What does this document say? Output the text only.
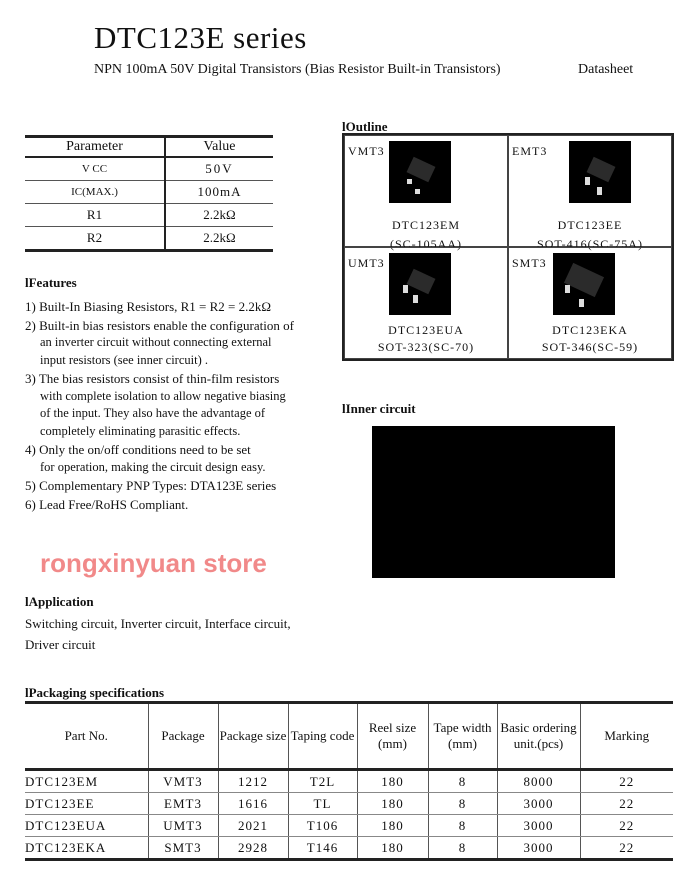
DTC123E series
NPN 100mA 50V Digital Transistors (Bias Resistor Built-in Transistors)	Datasheet
Parameter	Value
V CC	50V
IC(MAX.)	100mA
R1	2.2kΩ
R2	2.2kΩ
lOutline
VMT3
DTC123EM
(SC-105AA)
EMT3
DTC123EE
SOT-416(SC-75A)
UMT3
DTC123EUA
SOT-323(SC-70)
SMT3
DTC123EKA
SOT-346(SC-59)
lFeatures
1) Built-In Biasing Resistors, R1 = R2 = 2.2kΩ
2) Built-in bias resistors enable the configuration of
an inverter circuit without connecting external
input resistors (see inner circuit) .
3) The bias resistors consist of thin-film resistors
with complete isolation to allow negative biasing
of the input. They also have the advantage of
completely eliminating parasitic effects.
4) Only the on/off conditions need to be set
for operation, making the circuit design easy.
5) Complementary PNP Types: DTA123E series
6) Lead Free/RoHS Compliant.
lInner circuit
lApplication
Switching circuit, Inverter circuit, Interface circuit,
Driver circuit
lPackaging specifications
Part No.	Package	Package size	Taping code	Reel size (mm)	Tape width (mm)	Basic ordering unit.(pcs)	Marking
DTC123EM	VMT3	1212	T2L	180	8	8000	22
DTC123EE	EMT3	1616	TL	180	8	3000	22
DTC123EUA	UMT3	2021	T106	180	8	3000	22
DTC123EKA	SMT3	2928	T146	180	8	3000	22
rongxinyuan store
